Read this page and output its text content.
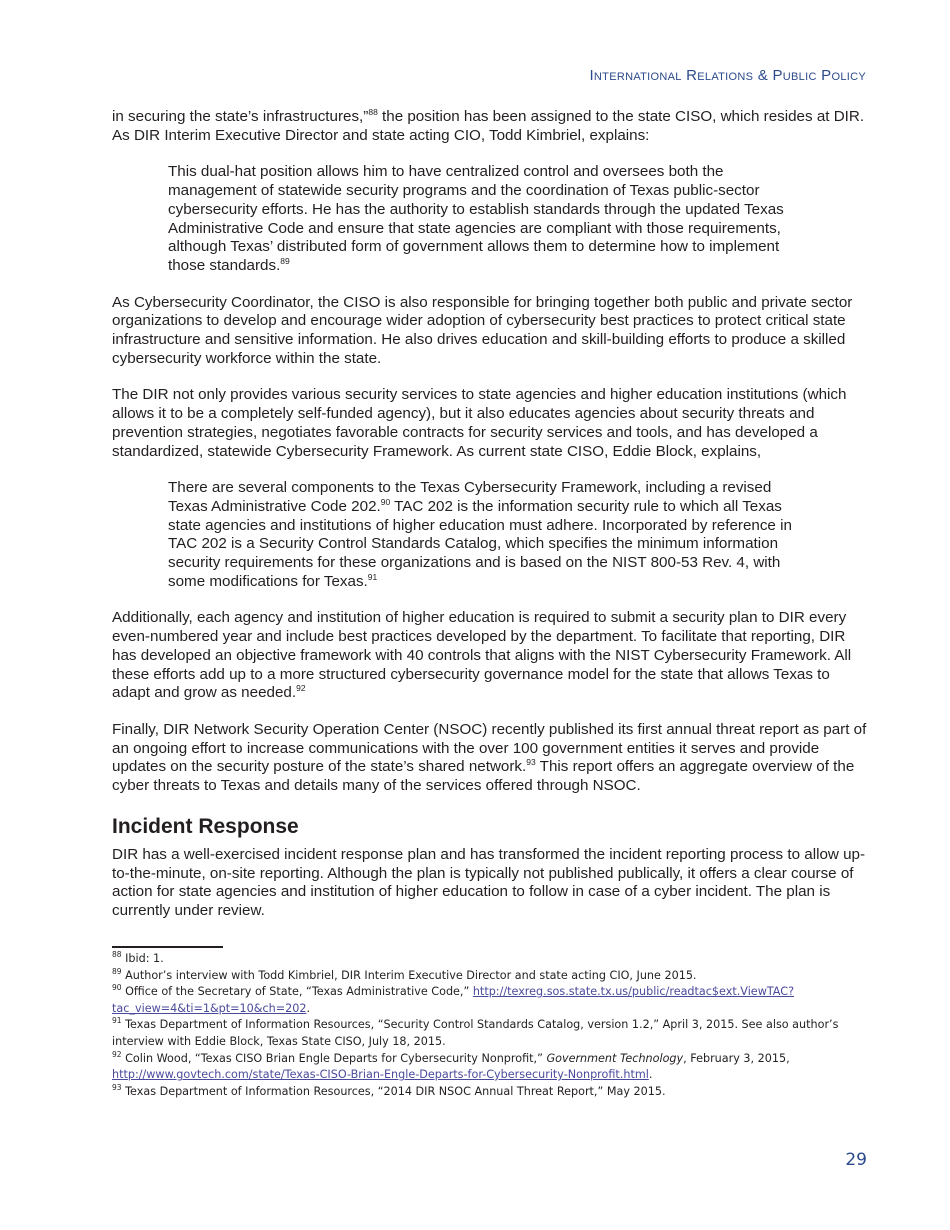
International Relations & Public Policy

in securing the state’s infrastructures,”$^{88}$ the position has been assigned to the state CISO, which resides at DIR. As DIR Interim Executive Director and state acting CIO, Todd Kimbriel, explains:

This dual-hat position allows him to have centralized control and oversees both the management of statewide security programs and the coordination of Texas public-sector cybersecurity efforts. He has the authority to establish standards through the updated Texas Administrative Code and ensure that state agencies are compliant with those requirements, although Texas’ distributed form of government allows them to determine how to implement those standards.$^{89}$

As Cybersecurity Coordinator, the CISO is also responsible for bringing together both public and private sector organizations to develop and encourage wider adoption of cybersecurity best practices to protect critical state infrastructure and sensitive information. He also drives education and skill-building efforts to produce a skilled cybersecurity workforce within the state.

The DIR not only provides various security services to state agencies and higher education institutions (which allows it to be a completely self-funded agency), but it also educates agencies about security threats and prevention strategies, negotiates favorable contracts for security services and tools, and has developed a standardized, statewide Cybersecurity Framework. As current state CISO, Eddie Block, explains,

There are several components to the Texas Cybersecurity Framework, including a revised Texas Administrative Code 202.90 TAC 202 is the information security rule to which all Texas state agencies and institutions of higher education must adhere. Incorporated by reference in TAC 202 is a Security Control Standards Catalog, which specifies the minimum information security requirements for these organizations and is based on the NIST 800-53 Rev. 4, with some modifications for Texas.$^{91}$

Additionally, each agency and institution of higher education is required to submit a security plan to DIR every even-numbered year and include best practices developed by the department. To facilitate that reporting, DIR has developed an objective framework with 40 controls that aligns with the NIST Cybersecurity Framework. All these efforts add up to a more structured cybersecurity governance model for the state that allows Texas to adapt and grow as needed.$^{92}$

Finally, DIR Network Security Operation Center (NSOC) recently published its first annual threat report as part of an ongoing effort to increase communications with the over 100 government entities it serves and provide updates on the security posture of the state’s shared network.$^{93}$ This report offers an aggregate overview of the cyber threats to Texas and details many of the services offered through NSOC.

Incident Response

DIR has a well-exercised incident response plan and has transformed the incident reporting process to allow up-to-the-minute, on-site reporting. Although the plan is typically not published publically, it offers a clear course of action for state agencies and institution of higher education to follow in case of a cyber incident. The plan is currently under review.

$^{88}$ Ibid: 1.

$^{89}$ Author’s interview with Todd Kimbriel, DIR Interim Executive Director and state acting CIO, June 2015.

$^{90}$ Office of the Secretary of State, “Texas Administrative Code,” http://texreg.sos.state.tx.us/public/readtac$ext.ViewTAC?tac_view=4&ti=1&pt=10&ch=202.

$^{91}$ Texas Department of Information Resources, “Security Control Standards Catalog, version 1.2,” April 3, 2015. See also author’s interview with Eddie Block, Texas State CISO, July 18, 2015.

$^{92}$ Colin Wood, “Texas CISO Brian Engle Departs for Cybersecurity Nonprofit,” Government Technology, February 3, 2015, http://www.govtech.com/state/Texas-CISO-Brian-Engle-Departs-for-Cybersecurity-Nonprofit.html.

$^{93}$ Texas Department of Information Resources, “2014 DIR NSOC Annual Threat Report,” May 2015.

29
